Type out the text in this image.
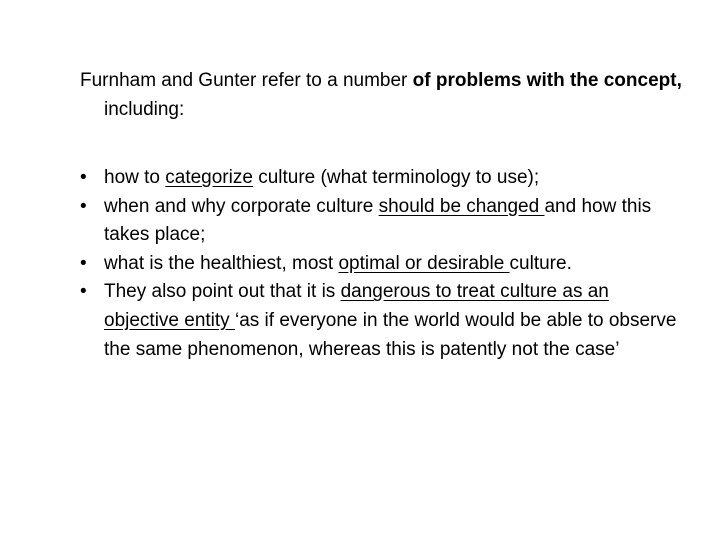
Furnham and Gunter refer to a number of problems with the concept, including:

• how to categorize culture (what terminology to use);
• when and why corporate culture should be changed and how this takes place;
• what is the healthiest, most optimal or desirable culture.
• They also point out that it is dangerous to treat culture as an objective entity ‘as if everyone in the world would be able to observe the same phenomenon, whereas this is patently not the case’
